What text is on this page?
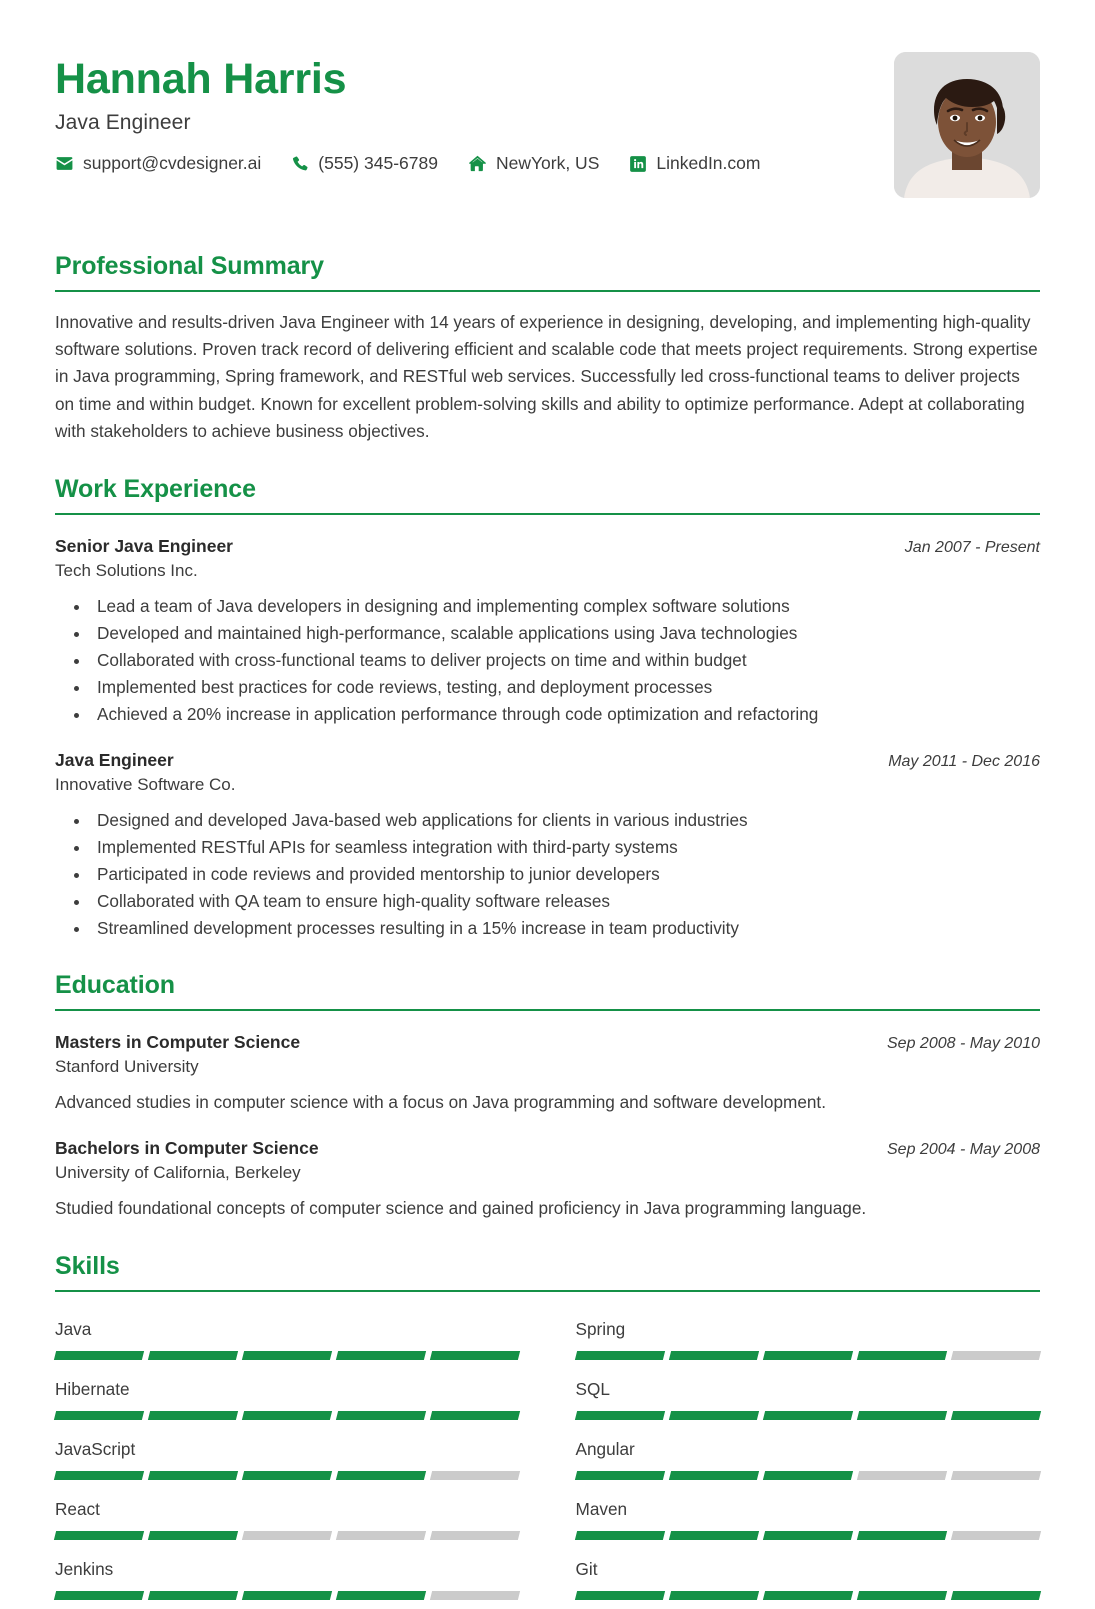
Hannah Harris
Java Engineer
support@cvdesigner.ai	(555) 345-6789	NewYork, US	LinkedIn.com
Professional Summary

Innovative and results-driven Java Engineer with 14 years of experience in designing, developing, and implementing high-quality software solutions. Proven track record of delivering efficient and scalable code that meets project requirements. Strong expertise in Java programming, Spring framework, and RESTful web services. Successfully led cross-functional teams to deliver projects on time and within budget. Known for excellent problem-solving skills and ability to optimize performance. Adept at collaborating with stakeholders to achieve business objectives.

Work Experience
Senior Java Engineer	Jan 2007 - Present
Tech Solutions Inc.
• Lead a team of Java developers in designing and implementing complex software solutions
• Developed and maintained high-performance, scalable applications using Java technologies
• Collaborated with cross-functional teams to deliver projects on time and within budget
• Implemented best practices for code reviews, testing, and deployment processes
• Achieved a 20% increase in application performance through code optimization and refactoring
Java Engineer	May 2011 - Dec 2016
Innovative Software Co.
• Designed and developed Java-based web applications for clients in various industries
• Implemented RESTful APIs for seamless integration with third-party systems
• Participated in code reviews and provided mentorship to junior developers
• Collaborated with QA team to ensure high-quality software releases
• Streamlined development processes resulting in a 15% increase in team productivity
Education
Masters in Computer Science	Sep 2008 - May 2010
Stanford University
Advanced studies in computer science with a focus on Java programming and software development.
Bachelors in Computer Science	Sep 2004 - May 2008
University of California, Berkeley
Studied foundational concepts of computer science and gained proficiency in Java programming language.
Skills
Java	Spring
Hibernate	SQL
JavaScript	Angular
React	Maven
Jenkins	Git
